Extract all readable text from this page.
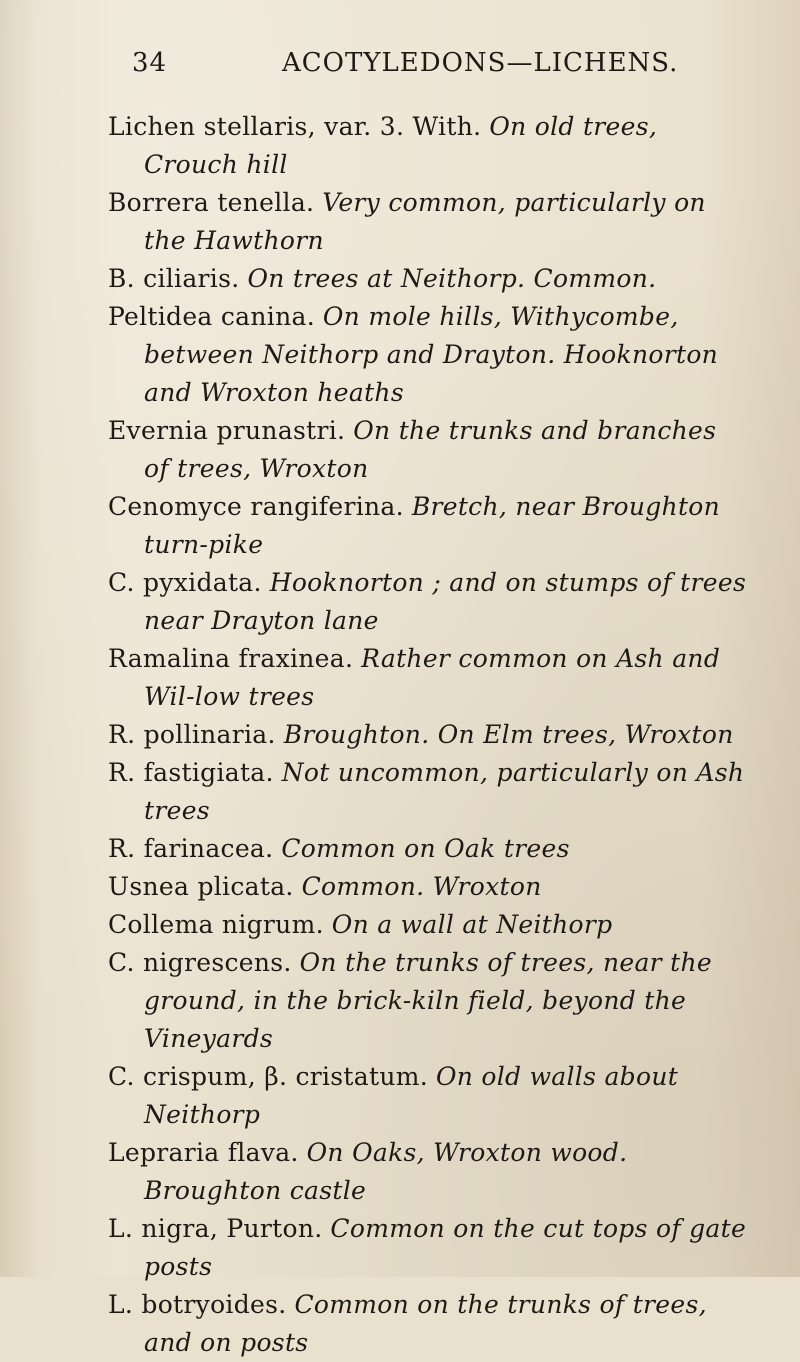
34	ACOTYLEDONS—LICHENS.

Lichen stellaris, var. 3. With. On old trees, Crouch hill

Borrera tenella. Very common, particularly on the Hawthorn

B. ciliaris. On trees at Neithorp. Common.

Peltidea canina. On mole hills, Withycombe, between Neithorp and Drayton. Hooknorton and Wroxton heaths

Evernia prunastri. On the trunks and branches of trees, Wroxton

Cenomyce rangiferina. Bretch, near Broughton turn-pike

C. pyxidata. Hooknorton ; and on stumps of trees near Drayton lane

Ramalina fraxinea. Rather common on Ash and Wil-low trees

R. pollinaria. Broughton. On Elm trees, Wroxton

R. fastigiata. Not uncommon, particularly on Ash trees

R. farinacea. Common on Oak trees

Usnea plicata. Common. Wroxton

Collema nigrum. On a wall at Neithorp

C. nigrescens. On the trunks of trees, near the ground, in the brick-kiln field, beyond the Vineyards

C. crispum, β. cristatum. On old walls about Neithorp

Lepraria flava. On Oaks, Wroxton wood. Broughton castle

L. nigra, Purton. Common on the cut tops of gate posts

L. botryoides. Common on the trunks of trees, and on posts
